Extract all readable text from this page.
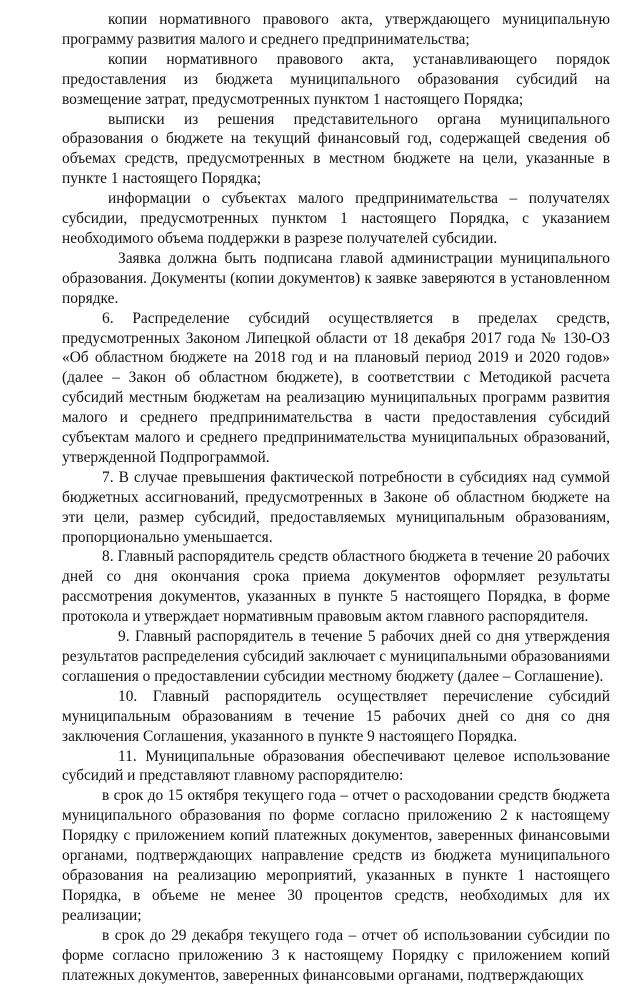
копии нормативного правового акта, утверждающего муниципальную программу развития малого и среднего предпринимательства;

копии нормативного правового акта, устанавливающего порядок предоставления из бюджета муниципального образования субсидий на возмещение затрат, предусмотренных пунктом 1 настоящего Порядка;

выписки из решения представительного органа муниципального образования о бюджете на текущий финансовый год, содержащей сведения об объемах средств, предусмотренных в местном бюджете на цели, указанные в пункте 1 настоящего Порядка;

информации о субъектах малого предпринимательства – получателях субсидии, предусмотренных пунктом 1 настоящего Порядка, с указанием необходимого объема поддержки в разрезе получателей субсидии.

Заявка должна быть подписана главой администрации муниципального образования. Документы (копии документов) к заявке заверяются в установленном порядке.

6. Распределение субсидий осуществляется в пределах средств, предусмотренных Законом Липецкой области от 18 декабря 2017 года № 130-ОЗ «Об областном бюджете на 2018 год и на плановый период 2019 и 2020 годов» (далее – Закон об областном бюджете), в соответствии с Методикой расчета субсидий местным бюджетам на реализацию муниципальных программ развития малого и среднего предпринимательства в части предоставления субсидий субъектам малого и среднего предпринимательства муниципальных образований, утвержденной Подпрограммой.

7. В случае превышения фактической потребности в субсидиях над суммой бюджетных ассигнований, предусмотренных в Законе об областном бюджете на эти цели, размер субсидий, предоставляемых муниципальным образованиям, пропорционально уменьшается.

8. Главный распорядитель средств областного бюджета в течение 20 рабочих дней со дня окончания срока приема документов оформляет результаты рассмотрения документов, указанных в пункте 5 настоящего Порядка, в форме протокола и утверждает нормативным правовым актом главного распорядителя.

9. Главный распорядитель в течение 5 рабочих дней со дня утверждения результатов распределения субсидий заключает с муниципальными образованиями соглашения о предоставлении субсидии местному бюджету (далее – Соглашение).

10. Главный распорядитель осуществляет перечисление субсидий муниципальным образованиям в течение 15 рабочих дней со дня со дня заключения Соглашения, указанного в пункте 9 настоящего Порядка.

11. Муниципальные образования обеспечивают целевое использование субсидий и представляют главному распорядителю:

в срок до 15 октября текущего года – отчет о расходовании средств бюджета муниципального образования по форме согласно приложению 2 к настоящему Порядку с приложением копий платежных документов, заверенных финансовыми органами, подтверждающих направление средств из бюджета муниципального образования на реализацию мероприятий, указанных в пункте 1 настоящего Порядка, в объеме не менее 30 процентов средств, необходимых для их реализации;

в срок до 29 декабря текущего года – отчет об использовании субсидии по форме согласно приложению 3 к настоящему Порядку с приложением копий платежных документов, заверенных финансовыми органами, подтверждающих
